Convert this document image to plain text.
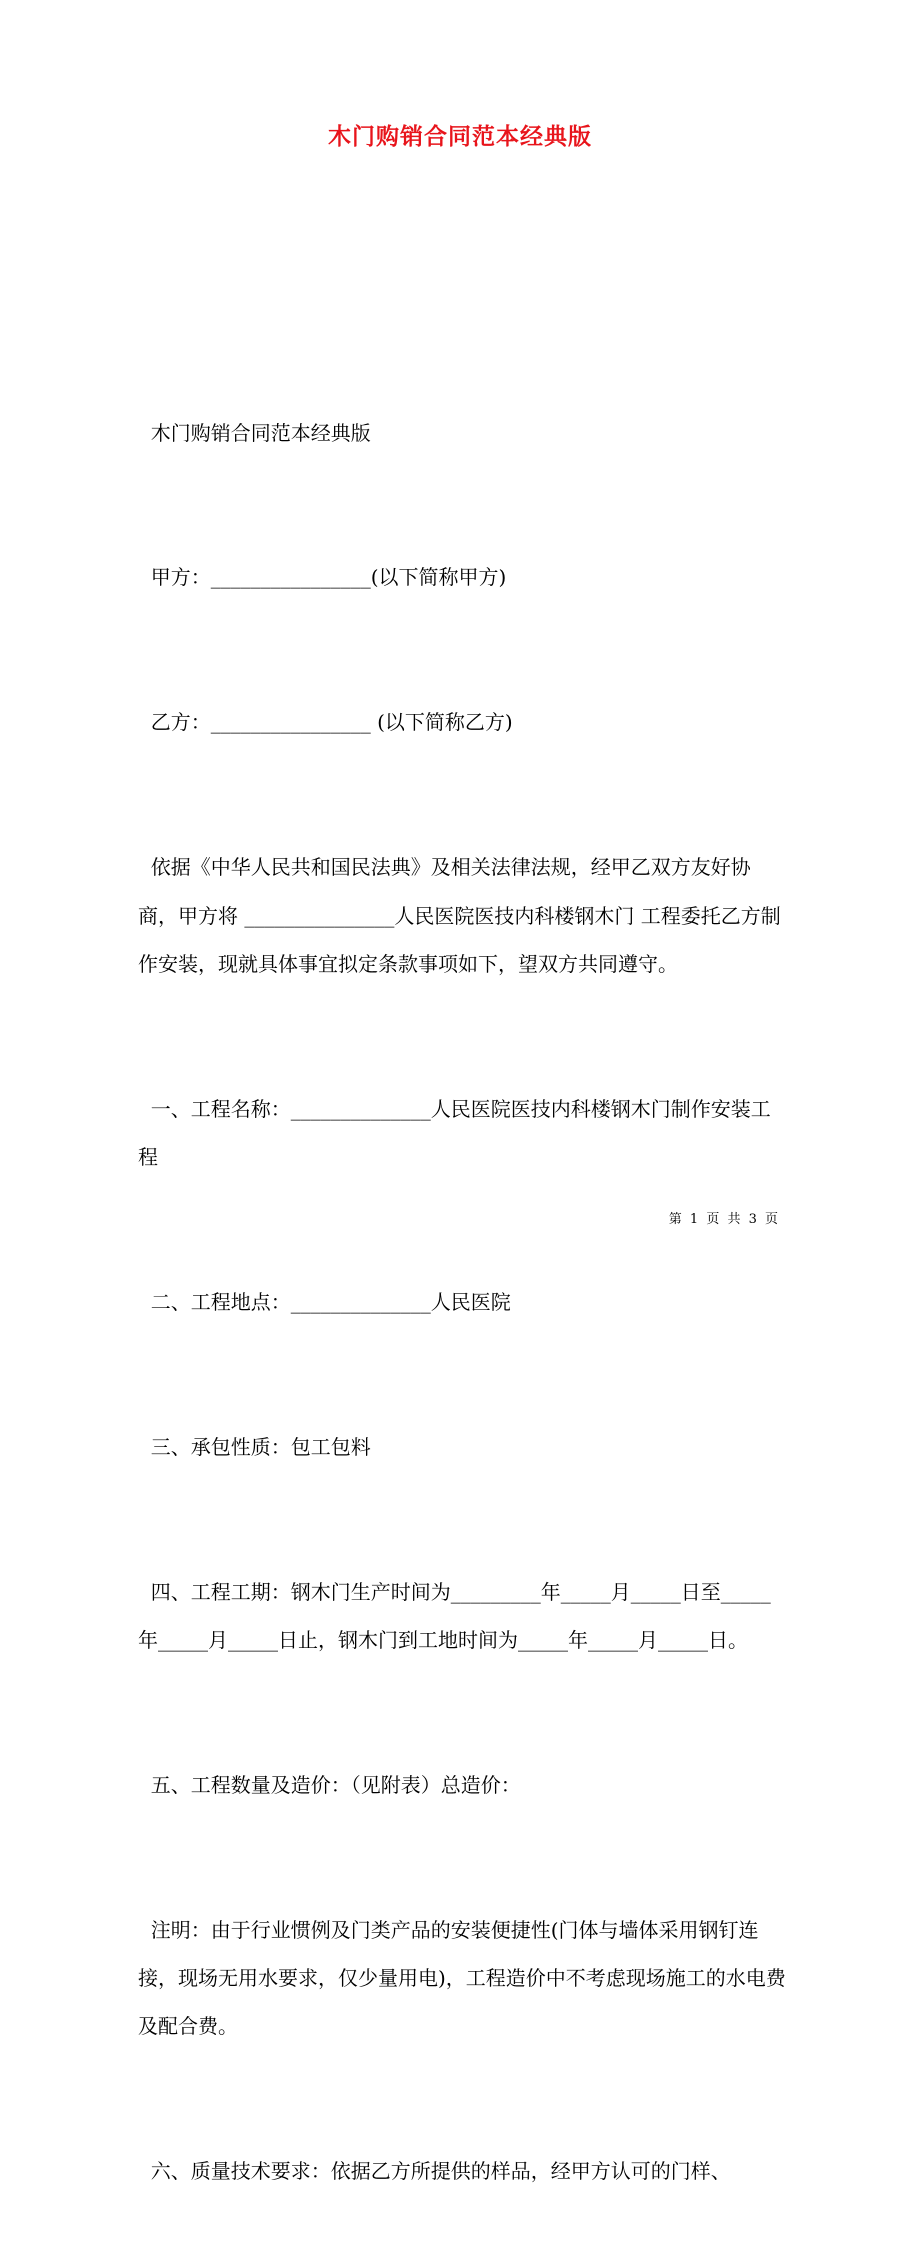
木门购销合同范本经典版

木门购销合同范本经典版

甲方：________________(以下简称甲方)

乙方：________________ (以下简称乙方)

依据《中华人民共和国民法典》及相关法律法规，经甲乙双方友好协商，甲方将 _______________人民医院医技内科楼钢木门 工程委托乙方制作安装，现就具体事宜拟定条款事项如下，望双方共同遵守。

一、工程名称：______________人民医院医技内科楼钢木门制作安装工程

二、工程地点：______________人民医院

三、承包性质：包工包料

四、工程工期：钢木门生产时间为_________年_____月_____日至_____年_____月_____日止，钢木门到工地时间为_____年_____月_____日。

五、工程数量及造价：（见附表）总造价：

注明：由于行业惯例及门类产品的安装便捷性(门体与墙体采用钢钉连接，现场无用水要求，仅少量用电)，工程造价中不考虑现场施工的水电费及配合费。

六、质量技术要求：依据乙方所提供的样品，经甲方认可的门样、

第 1 页 共 3 页
